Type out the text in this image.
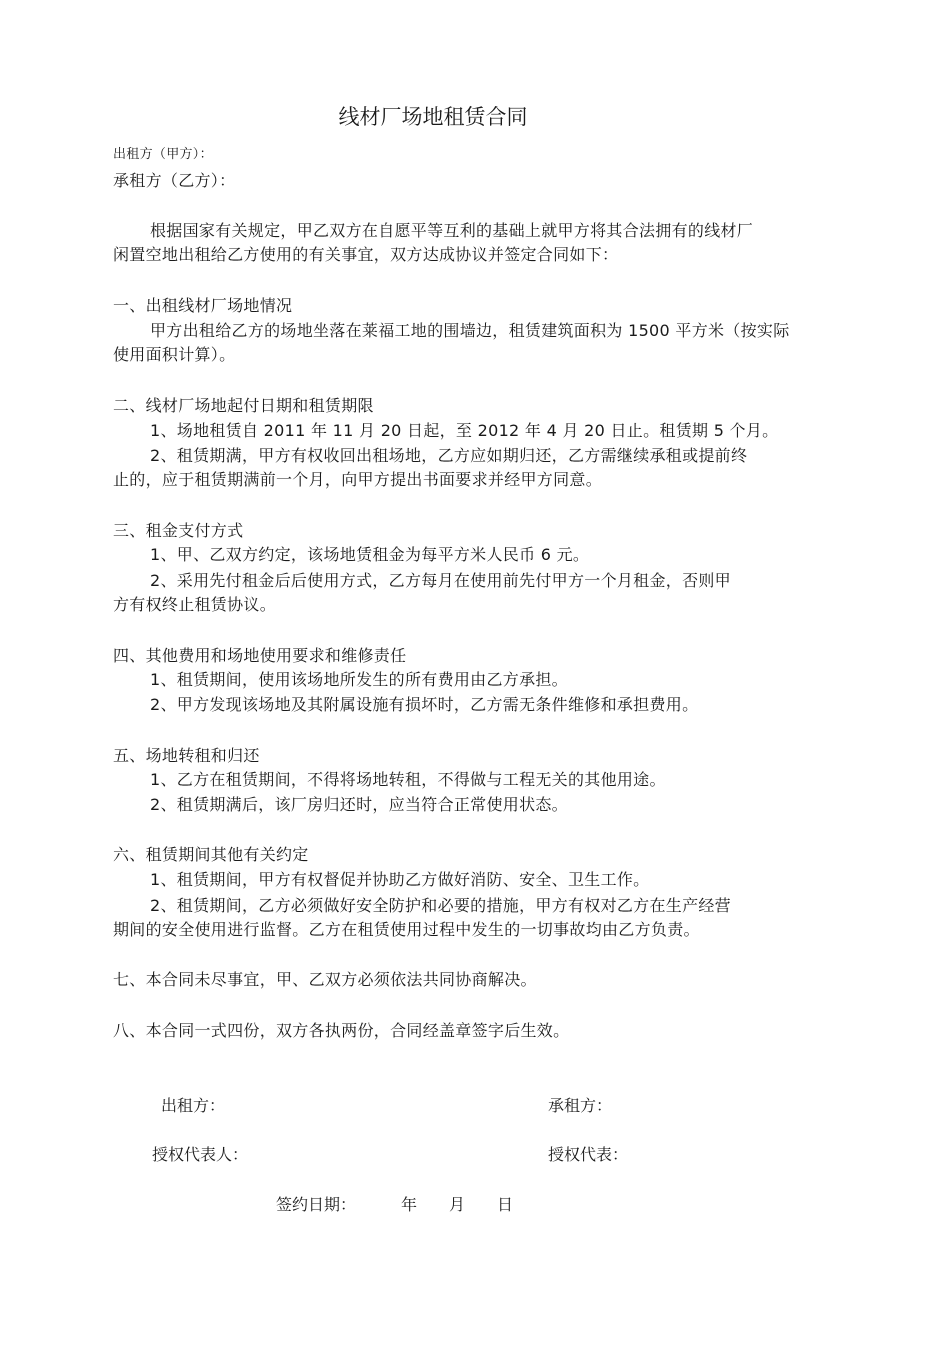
线材厂场地租赁合同
出租方（甲方）：
承租方（乙方）：
根据国家有关规定，甲乙双方在自愿平等互利的基础上就甲方将其合法拥有的线材厂
闲置空地出租给乙方使用的有关事宜，双方达成协议并签定合同如下：
一、出租线材厂场地情况
甲方出租给乙方的场地坐落在莱福工地的围墙边，租赁建筑面积为 1500 平方米（按实际
使用面积计算）。
二、线材厂场地起付日期和租赁期限
1、场地租赁自 2011 年 11 月 20 日起，至 2012 年 4 月 20 日止。租赁期 5 个月。
2、租赁期满，甲方有权收回出租场地，乙方应如期归还，乙方需继续承租或提前终
止的，应于租赁期满前一个月，向甲方提出书面要求并经甲方同意。
三、租金支付方式
1、甲、乙双方约定，该场地赁租金为每平方米人民币 6 元。
2、采用先付租金后后使用方式，乙方每月在使用前先付甲方一个月租金，否则甲
方有权终止租赁协议。
四、其他费用和场地使用要求和维修责任
1、租赁期间，使用该场地所发生的所有费用由乙方承担。
2、甲方发现该场地及其附属设施有损坏时，乙方需无条件维修和承担费用。
五、场地转租和归还
1、乙方在租赁期间，不得将场地转租，不得做与工程无关的其他用途。
2、租赁期满后，该厂房归还时，应当符合正常使用状态。
六、租赁期间其他有关约定
1、租赁期间，甲方有权督促并协助乙方做好消防、安全、卫生工作。
2、租赁期间，乙方必须做好安全防护和必要的措施，甲方有权对乙方在生产经营
期间的安全使用进行监督。乙方在租赁使用过程中发生的一切事故均由乙方负责。
七、本合同未尽事宜，甲、乙双方必须依法共同协商解决。
八、本合同一式四份，双方各执两份，合同经盖章签字后生效。
出租方：	承租方：
授权代表人：	授权代表：
签约日期：	年 月 日
